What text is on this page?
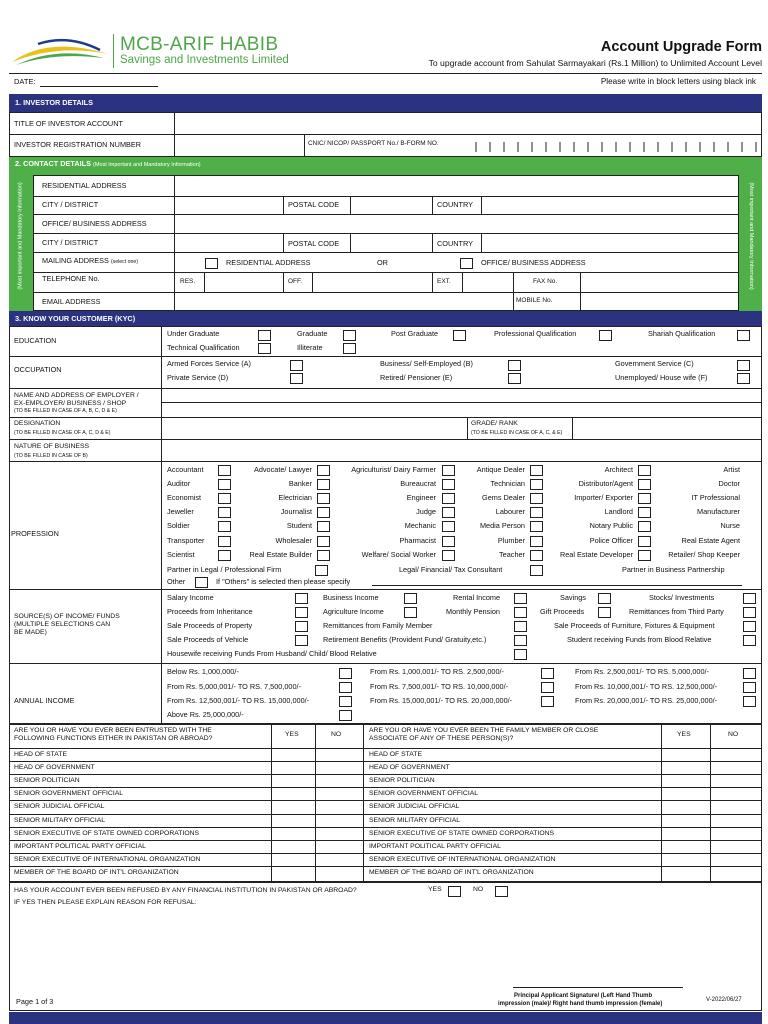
MCB-ARIF HABIB
Savings and Investments Limited
Account Upgrade Form
To upgrade account from Sahulat Sarmayakari (Rs.1 Million) to Unlimited Account Level
DATE:	Please write in block letters using black ink
1. INVESTOR DETAILS
TITLE OF INVESTOR ACCOUNT
INVESTOR REGISTRATION NUMBER	CNIC/ NICOP/ PASSPORT No./ B-FORM NO.
2. CONTACT DETAILS (Most Important and Mandatory Information)
(Most important and Mandatory Information)	(Most important and Mandatory Information)
RESIDENTIAL ADDRESS
CITY / DISTRICT	POSTAL CODE	COUNTRY
OFFICE/ BUSINESS ADDRESS
CITY / DISTRICT	POSTAL CODE	COUNTRY
MAILING ADDRESS (select one)	RESIDENTIAL ADDRESS	OR	OFFICE/ BUSINESS ADDRESS
TELEPHONE No.	RES.	OFF.	EXT.	FAX No.
EMAIL ADDRESS	MOBILE No.
3. KNOW YOUR CUSTOMER (KYC)
EDUCATION
Under Graduate	Graduate	Post Graduate	Professional Qualification	Shariah Qualification
Technical Qualification	Illiterate
OCCUPATION
Armed Forces Service (A)	Business/ Self-Employed (B)	Government Service (C)
Private Service (D)	Retired/ Pensioner (E)	Unemployed/ House wife (F)
NAME AND ADDRESS OF EMPLOYER /
EX-EMPLOYER/ BUSINESS / SHOP
(TO BE FILLED IN CASE OF A, B, C, D & E)
DESIGNATION
(TO BE FILLED IN CASE OF A, C, D & E)
GRADE/ RANK
(TO BE FILLED IN CASE OF A, C, & E)
NATURE OF BUSINESS
(TO BE FILLED IN CASE OF B)
PROFESSION
Accountant	Advocate/ Lawyer	Agriculturist/ Dairy Farmer	Antique Dealer	Architect	Artist
Auditor	Banker	Bureaucrat	Technician	Distributor/Agent	Doctor
Economist	Electrician	Engineer	Gems Dealer	Importer/ Exporter	IT Professional
Jeweller	Journalist	Judge	Labourer	Landlord	Manufacturer
Soldier	Student	Mechanic	Media Person	Notary Public	Nurse
Transporter	Wholesaler	Pharmacist	Plumber	Police Officer	Real Estate Agent
Scientist	Real Estate Builder	Welfare/ Social Worker	Teacher	Real Estate Developer	Retailer/ Shop Keeper
Partner in Legal / Professional Firm	Legal/ Financial/ Tax Consultant	Partner in Business Partnership
Other	If "Others" is selected then please specify
SOURCE(S) OF INCOME/ FUNDS
(MULTIPLE SELECTIONS CAN
BE MADE)
Salary Income	Business Income	Rental Income	Savings	Stocks/ Investments
Proceeds from Inheritance	Agriculture Income	Monthly Pension	Gift Proceeds	Remittances from Third Party
Sale Proceeds of Property	Remittances from Family Member	Sale Proceeds of Furniture, Fixtures & Equipment
Sale Proceeds of Vehicle	Retirement Benefits (Provident Fund/ Gratuity,etc.)	Student receiving Funds from Blood Relative
Housewife receiving Funds From Husband/ Child/ Blood Relative
ANNUAL INCOME
Below Rs. 1,000,000/-	From Rs. 1,000,001/- TO RS. 2,500,000/-	From Rs. 2,500,001/- TO RS. 5,000,000/-
From Rs. 5,000,001/- TO RS. 7,500,000/-	From Rs. 7,500,001/- TO RS. 10,000,000/-	From Rs. 10,000,001/- TO RS. 12,500,000/-
From Rs. 12,500,001/- TO RS. 15,000,000/-	From Rs. 15,000,001/- TO RS. 20,000,000/-	From Rs. 20,000,001/- TO RS. 25,000,000/-
Above Rs. 25,000,000/-
ARE YOU OR HAVE YOU EVER BEEN ENTRUSTED WITH THE
FOLLOWING FUNCTIONS EITHER IN PAKISTAN OR ABROAD?
YES	NO
ARE YOU OR HAVE YOU EVER BEEN THE FAMILY MEMBER OR CLOSE
ASSOCIATE OF ANY OF THESE PERSON(S)?
YES	NO
HEAD OF STATE	HEAD OF STATE
HEAD OF GOVERNMENT	HEAD OF GOVERNMENT
SENIOR POLITICIAN	SENIOR POLITICIAN
SENIOR GOVERNMENT OFFICIAL	SENIOR GOVERNMENT OFFICIAL
SENIOR JUDICIAL OFFICIAL	SENIOR JUDICIAL OFFICIAL
SENIOR MILITARY OFFICIAL	SENIOR MILITARY OFFICIAL
SENIOR EXECUTIVE OF STATE OWNED CORPORATIONS	SENIOR EXECUTIVE OF STATE OWNED CORPORATIONS
IMPORTANT POLITICAL PARTY OFFICIAL	IMPORTANT POLITICAL PARTY OFFICIAL
SENIOR EXECUTIVE OF INTERNATIONAL ORGANIZATION	SENIOR EXECUTIVE OF INTERNATIONAL ORGANIZATION
MEMBER OF THE BOARD OF INT'L ORGANIZATION	MEMBER OF THE BOARD OF INT'L ORGANIZATION
HAS YOUR ACCOUNT EVER BEEN REFUSED BY ANY FINANCIAL INSTITUTION IN PAKISTAN OR ABROAD?	YES	NO
IF YES THEN PLEASE EXPLAIN REASON FOR REFUSAL:
Page 1 of 3
Principal Applicant Signature/ (Left Hand Thumb
impression (male)/ Right hand thumb impression (female)
V-2022/06/27
